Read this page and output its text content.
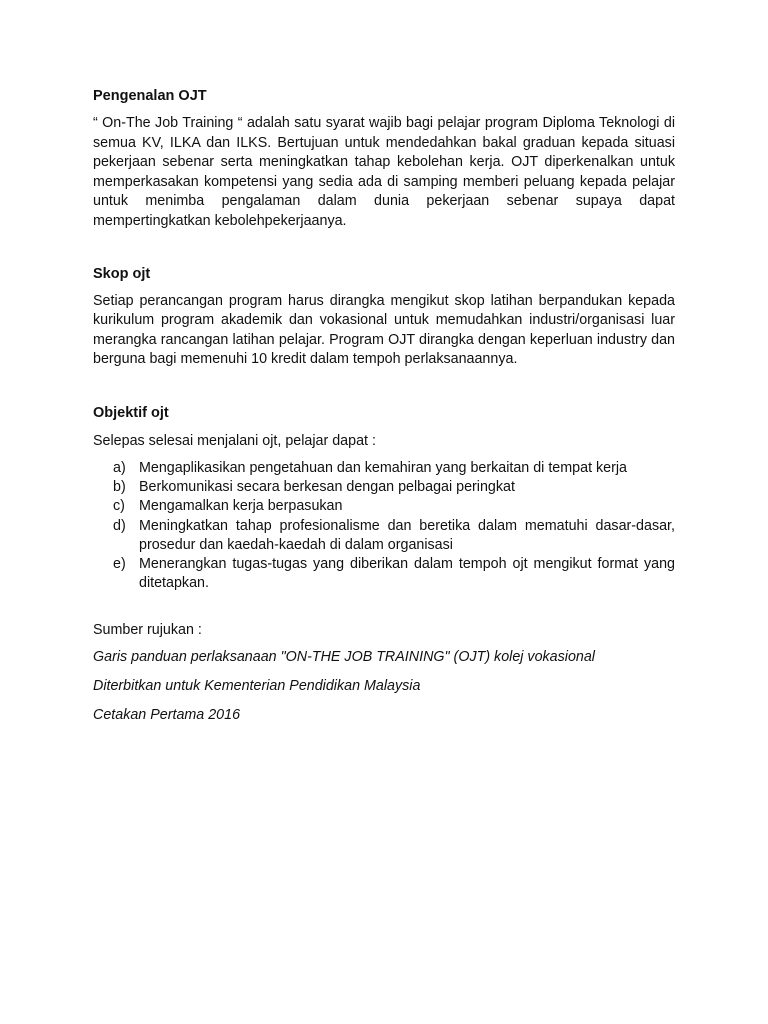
Pengenalan OJT

“ On-The Job Training “ adalah satu syarat wajib bagi pelajar program Diploma Teknologi di semua KV, ILKA dan ILKS. Bertujuan untuk mendedahkan bakal graduan kepada situasi pekerjaan sebenar serta meningkatkan tahap kebolehan kerja. OJT diperkenalkan untuk memperkasakan kompetensi yang sedia ada di samping memberi peluang kepada pelajar untuk menimba pengalaman dalam dunia pekerjaan sebenar supaya dapat mempertingkatkan kebolehpekerjaanya.

Skop ojt

Setiap perancangan program harus dirangka mengikut skop latihan berpandukan kepada kurikulum program akademik dan vokasional untuk memudahkan industri/organisasi luar merangka rancangan latihan pelajar. Program OJT dirangka dengan keperluan industry dan berguna bagi memenuhi 10 kredit dalam tempoh perlaksanaannya.

Objektif ojt

Selepas selesai menjalani ojt, pelajar dapat :

a) Mengaplikasikan pengetahuan dan kemahiran yang berkaitan di tempat kerja
b) Berkomunikasi secara berkesan dengan pelbagai peringkat
c) Mengamalkan kerja berpasukan
d) Meningkatkan tahap profesionalisme dan beretika dalam mematuhi dasar-dasar, prosedur dan kaedah-kaedah di dalam organisasi
e) Menerangkan tugas-tugas yang diberikan dalam tempoh ojt mengikut format yang ditetapkan.

Sumber rujukan :

Garis panduan perlaksanaan "ON-THE JOB TRAINING" (OJT) kolej vokasional

Diterbitkan untuk Kementerian Pendidikan Malaysia

Cetakan Pertama 2016
